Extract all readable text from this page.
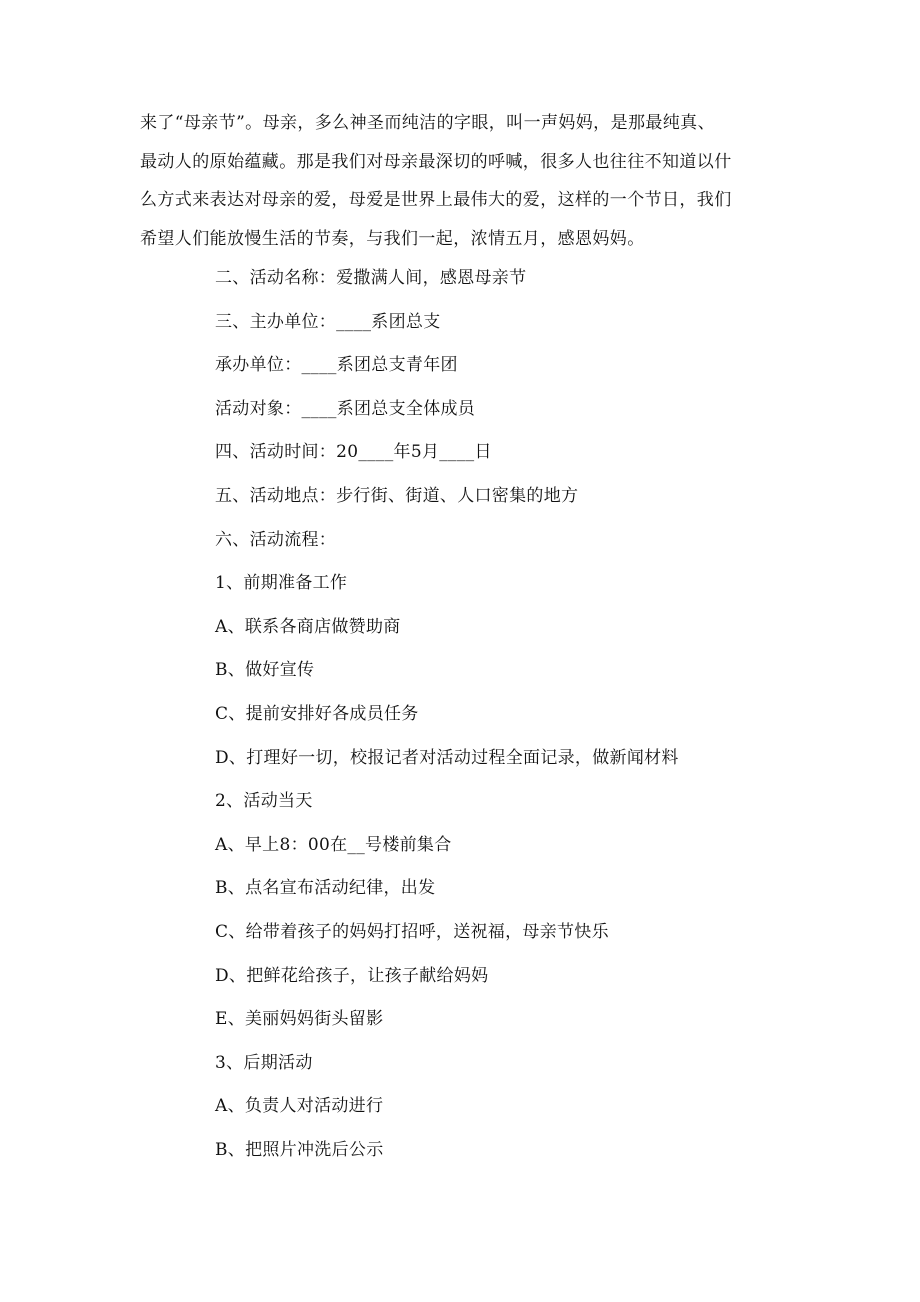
来了“母亲节”。母亲，多么神圣而纯洁的字眼，叫一声妈妈，是那最纯真、
最动人的原始蕴藏。那是我们对母亲最深切的呼喊，很多人也往往不知道以什
么方式来表达对母亲的爱，母爱是世界上最伟大的爱，这样的一个节日，我们
希望人们能放慢生活的节奏，与我们一起，浓情五月，感恩妈妈。

二、活动名称：爱撒满人间，感恩母亲节
三、主办单位：____系团总支
承办单位：____系团总支青年团
活动对象：____系团总支全体成员
四、活动时间：20____年5月____日
五、活动地点：步行街、街道、人口密集的地方
六、活动流程：
1、前期准备工作
A、联系各商店做赞助商
B、做好宣传
C、提前安排好各成员任务
D、打理好一切，校报记者对活动过程全面记录，做新闻材料
2、活动当天
A、早上8：00在__号楼前集合
B、点名宣布活动纪律，出发
C、给带着孩子的妈妈打招呼，送祝福，母亲节快乐
D、把鲜花给孩子，让孩子献给妈妈
E、美丽妈妈街头留影
3、后期活动
A、负责人对活动进行
B、把照片冲洗后公示
